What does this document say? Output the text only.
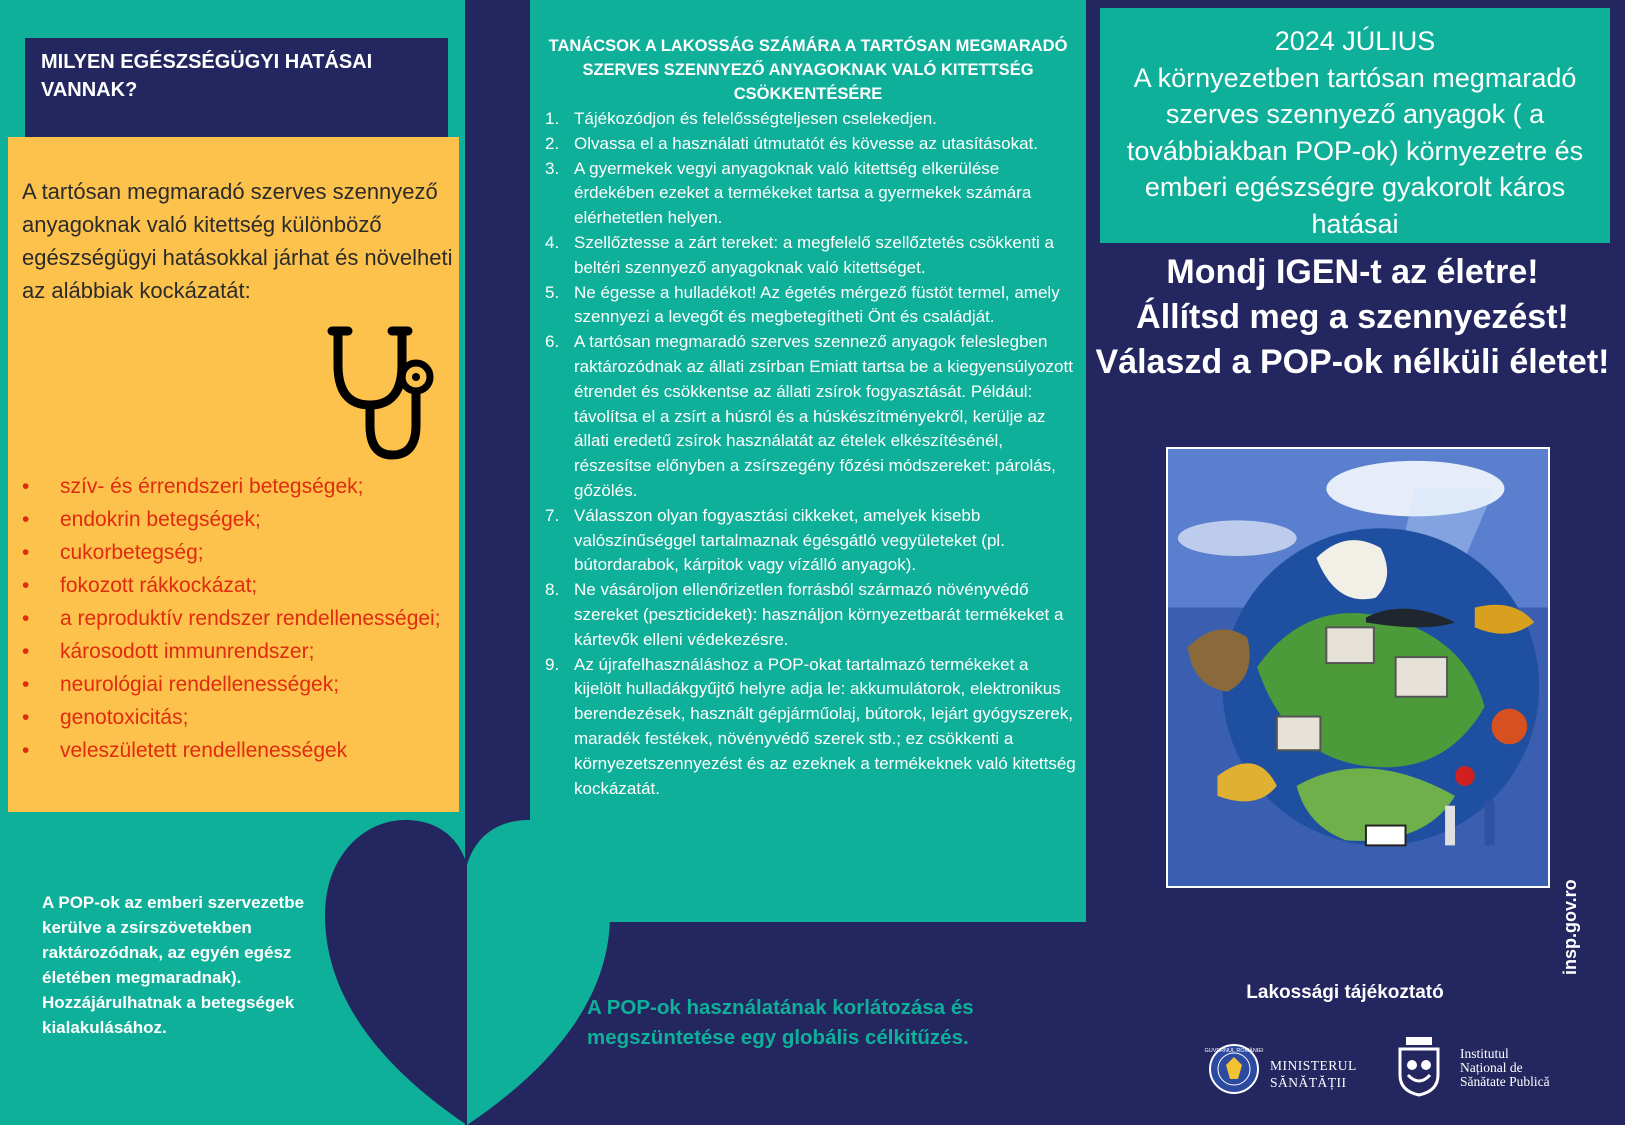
MILYEN EGÉSZSÉGÜGYI HATÁSAI VANNAK?
A tartósan megmaradó szerves szennyező anyagoknak való kitettség különböző egészségügyi hatásokkal járhat és növelheti az alábbiak kockázatát:
• szív- és érrendszeri betegségek;
• endokrin betegségek;
• cukorbetegség;
• fokozott rákkockázat;
• a reproduktív rendszer rendellenességei;
• károsodott immunrendszer;
• neurológiai rendellenességek;
• genotoxicitás;
• veleszületett rendellenességek
A POP-ok az emberi szervezetbe kerülve a zsírszövetekben raktározódnak, az egyén egész életében megmaradnak). Hozzájárulhatnak a betegségek kialakulásához.
TANÁCSOK A LAKOSSÁG SZÁMÁRA A TARTÓSAN MEGMARADÓ SZERVES SZENNYEZŐ ANYAGOKNAK VALÓ KITETTSÉG CSÖKKENTÉSÉRE
1. Tájékozódjon és felelősségteljesen cselekedjen.
2. Olvassa el a használati útmutatót és kövesse az utasításokat.
3. A gyermekek vegyi anyagoknak való kitettség elkerülése érdekében ezeket a termékeket tartsa a gyermekek számára elérhetetlen helyen.
4. Szellőztesse a zárt tereket: a megfelelő szellőztetés csökkenti a beltéri szennyező anyagoknak való kitettséget.
5. Ne égesse a hulladékot! Az égetés mérgező füstöt termel, amely szennyezi a levegőt és megbetegítheti Önt és családját.
6. A tartósan megmaradó szerves szennező anyagok feleslegben raktározódnak az állati zsírban Emiatt tartsa be a kiegyensúlyozott étrendet és csökkentse az állati zsírok fogyasztását. Például: távolítsa el a zsírt a húsról és a húskészítményekről, kerülje az állati eredetű zsírok használatát az ételek elkészítésénél, részesítse előnyben a zsírszegény főzési módszereket: párolás, gőzölés.
7. Válasszon olyan fogyasztási cikkeket, amelyek kisebb valószínűséggel tartalmaznak égésgátló vegyületeket (pl. bútordarabok, kárpitok vagy vízálló anyagok).
8. Ne vásároljon ellenőrizetlen forrásból származó növényvédő szereket (peszticideket): használjon környezetbarát termékeket a kártevők elleni védekezésre.
9. Az újrafelhasználáshoz a POP-okat tartalmazó termékeket a kijelölt hulladákgyűjtő helyre adja le: akkumulátorok, elektronikus berendezések, használt gépjárműolaj, bútorok, lejárt gyógyszerek, maradék festékek, növényvédő szerek stb.; ez csökkenti a környezetszennyezést és az ezeknek a termékeknek való kitettség kockázatát.
A POP-ok használatának korlátozása és megszüntetése egy globális célkitűzés.
2024 JÚLIUS
A környezetben tartósan megmaradó szerves szennyező anyagok ( a továbbiakban POP-ok) környezetre és emberi egészségre gyakorolt káros hatásai
Mondj IGEN-t az életre!
Állítsd meg a szennyezést!
Válaszd a POP-ok nélküli életet!
Lakossági tájékoztató
insp.gov.ro
GUVERNUL ROMÂNIEI
MINISTERUL
SĂNĂTĂȚII
Institutul
Național de
Sănătate Publică
